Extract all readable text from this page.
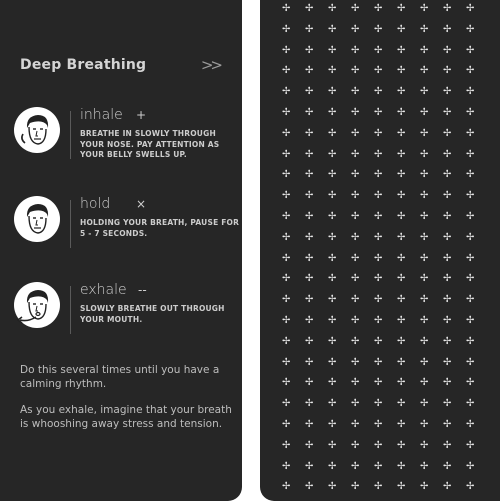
Deep Breathing	>>
inhale +
BREATHE IN SLOWLY THROUGH YOUR NOSE. PAY ATTENTION AS YOUR BELLY SWELLS UP.
hold ×
HOLDING YOUR BREATH, PAUSE FOR 5 - 7 SECONDS.
exhale --
SLOWLY BREATHE OUT THROUGH YOUR MOUTH.

Do this several times until you have a calming rhythm.

As you exhale, imagine that your breath is whooshing away stress and tension.

✢ ✢ ✢ ✢ ✢ ✢ ✢ ✢ ✢
✢ ✢ ✢ ✢ ✢ ✢ ✢ ✢ ✢
✢ ✢ ✢ ✢ ✢ ✢ ✢ ✢ ✢
✢ ✢ ✢ ✢ ✢ ✢ ✢ ✢ ✢
✢ ✢ ✢ ✢ ✢ ✢ ✢ ✢ ✢
✢ ✢ ✢ ✢ ✢ ✢ ✢ ✢ ✢
✢ ✢ ✢ ✢ ✢ ✢ ✢ ✢ ✢
✢ ✢ ✢ ✢ ✢ ✢ ✢ ✢ ✢
✢ ✢ ✢ ✢ ✢ ✢ ✢ ✢ ✢
✢ ✢ ✢ ✢ ✢ ✢ ✢ ✢ ✢
✢ ✢ ✢ ✢ ✢ ✢ ✢ ✢ ✢
✢ ✢ ✢ ✢ ✢ ✢ ✢ ✢ ✢
✢ ✢ ✢ ✢ ✢ ✢ ✢ ✢ ✢
✢ ✢ ✢ ✢ ✢ ✢ ✢ ✢ ✢
✢ ✢ ✢ ✢ ✢ ✢ ✢ ✢ ✢
✢ ✢ ✢ ✢ ✢ ✢ ✢ ✢ ✢
✢ ✢ ✢ ✢ ✢ ✢ ✢ ✢ ✢
✢ ✢ ✢ ✢ ✢ ✢ ✢ ✢ ✢
✢ ✢ ✢ ✢ ✢ ✢ ✢ ✢ ✢
✢ ✢ ✢ ✢ ✢ ✢ ✢ ✢ ✢
✢ ✢ ✢ ✢ ✢ ✢ ✢ ✢ ✢
✢ ✢ ✢ ✢ ✢ ✢ ✢ ✢ ✢
✢ ✢ ✢ ✢ ✢ ✢ ✢ ✢ ✢
✢ ✢ ✢ ✢ ✢ ✢ ✢ ✢ ✢
